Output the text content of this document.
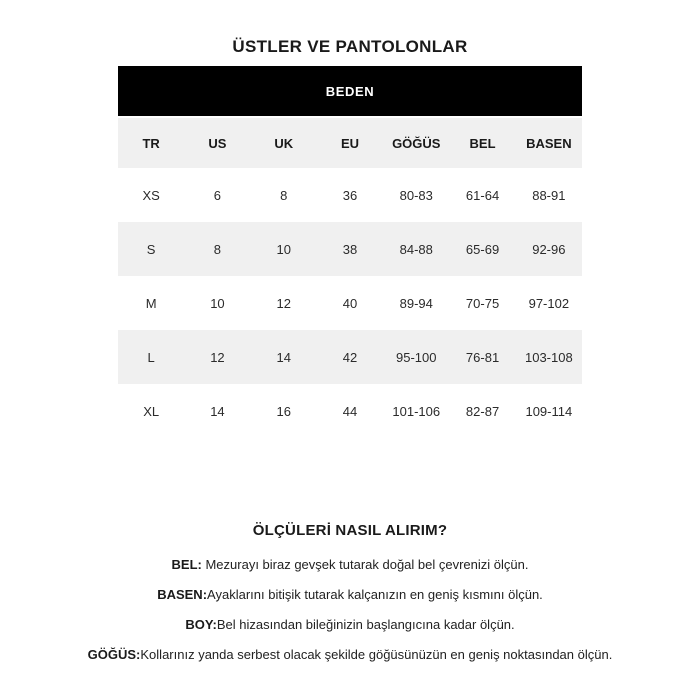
ÜSTLER VE PANTOLONLAR
BEDEN						
TR	US	UK	EU	GÖĞÜS	BEL	BASEN
XS	6	8	36	80-83	61-64	88-91
S	8	10	38	84-88	65-69	92-96
M	10	12	40	89-94	70-75	97-102
L	12	14	42	95-100	76-81	103-108
XL	14	16	44	101-106	82-87	109-114
ÖLÇÜLERİ NASIL ALIRIM?

BEL: Mezurayı biraz gevşek tutarak doğal bel çevrenizi ölçün.

BASEN:Ayaklarını bitişik tutarak kalçanızın en geniş kısmını ölçün.

BOY:Bel hizasından bileğinizin başlangıcına kadar ölçün.

GÖĞÜS:Kollarınız yanda serbest olacak şekilde göğüsünüzün en geniş noktasından ölçün.
